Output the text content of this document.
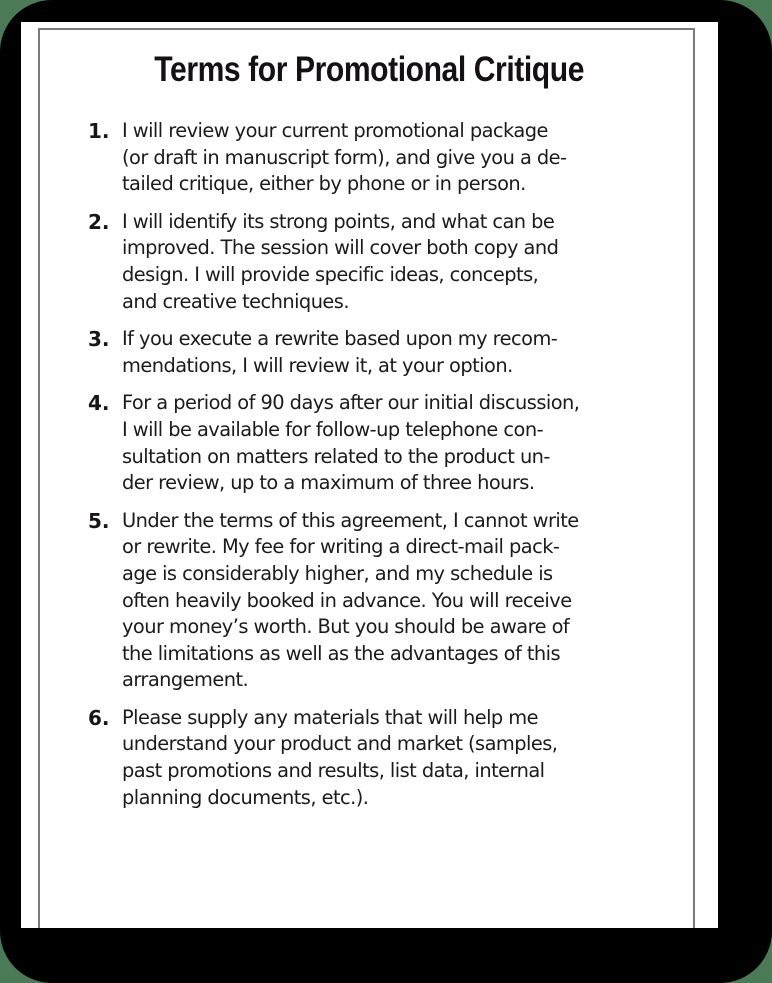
Terms for Promotional Critique
1. I will review your current promotional package
(or draft in manuscript form), and give you a de-
tailed critique, either by phone or in person.
2. I will identify its strong points, and what can be
improved. The session will cover both copy and
design. I will provide specific ideas, concepts,
and creative techniques.
3. If you execute a rewrite based upon my recom-
mendations, I will review it, at your option.
4. For a period of 90 days after our initial discussion,
I will be available for follow-up telephone con-
sultation on matters related to the product un-
der review, up to a maximum of three hours.
5. Under the terms of this agreement, I cannot write
or rewrite. My fee for writing a direct-mail pack-
age is considerably higher, and my schedule is
often heavily booked in advance. You will receive
your money’s worth. But you should be aware of
the limitations as well as the advantages of this
arrangement.
6. Please supply any materials that will help me
understand your product and market (samples,
past promotions and results, list data, internal
planning documents, etc.).
